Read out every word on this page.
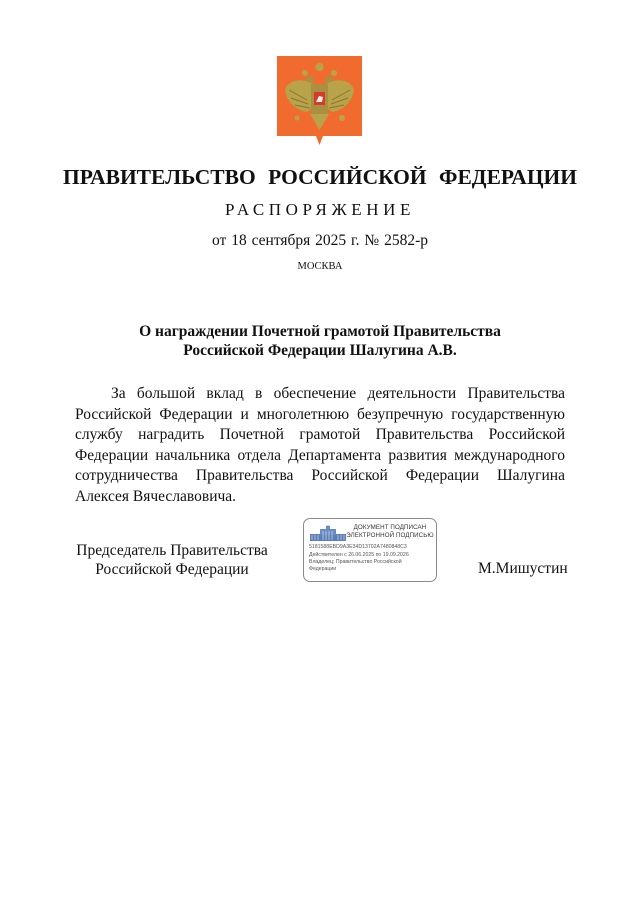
ПРАВИТЕЛЬСТВО РОССИЙСКОЙ ФЕДЕРАЦИИ
РАСПОРЯЖЕНИЕ
от 18 сентября 2025 г. № 2582-р
МОСКВА
О награждении Почетной грамотой Правительства
Российской Федерации Шалугина А.В.
За большой вклад в обеспечение деятельности Правительства Российской Федерации и многолетнюю безупречную государственную службу наградить Почетной грамотой Правительства Российской Федерации начальника отдела Департамента развития международного сотрудничества Правительства Российской Федерации Шалугина Алексея Вячеславовича.
Председатель Правительства
Российской Федерации
ДОКУМЕНТ ПОДПИСАН
ЭЛЕКТРОННОЙ ПОДПИСЬЮ
5181588EBD9A3E34D13702A7480848C3
Действителен с 26.06.2025 по 19.09.2026
Владелец: Правительство Российской
Федерации	М.Мишустин
